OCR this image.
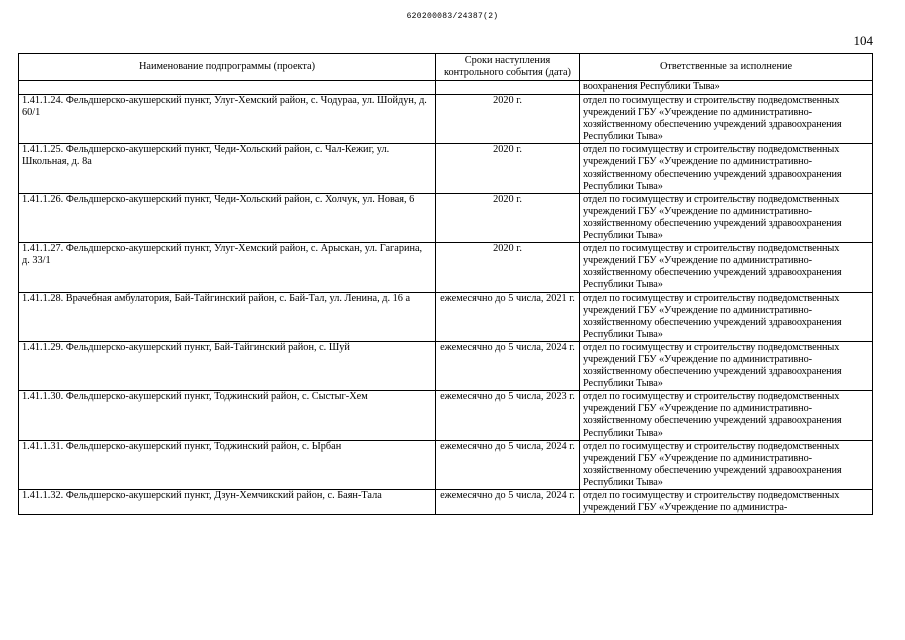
620200083/24387(2)
104
Наименование подпрограммы (проекта)	Сроки наступления контрольного события (дата)	Ответственные за исполнение
		воохранения Республики Тыва»
1.41.1.24. Фельдшерско-акушерский пункт, Улуг-Хемский район, с. Чодураа, ул. Шойдун, д. 60/1	2020 г.	отдел по госимуществу и строительству подведомственных учреждений ГБУ «Учреждение по административно-хозяйственному обеспечению учреждений здравоохранения Республики Тыва»
1.41.1.25. Фельдшерско-акушерский пункт, Чеди-Хольский район, с. Чал-Кежиг, ул. Школьная, д. 8а	2020 г.	отдел по госимуществу и строительству подведомственных учреждений ГБУ «Учреждение по административно-хозяйственному обеспечению учреждений здравоохранения Республики Тыва»
1.41.1.26. Фельдшерско-акушерский пункт, Чеди-Хольский район, с. Холчук, ул. Новая, 6	2020 г.	отдел по госимуществу и строительству подведомственных учреждений ГБУ «Учреждение по административно-хозяйственному обеспечению учреждений здравоохранения Республики Тыва»
1.41.1.27. Фельдшерско-акушерский пункт, Улуг-Хемский район, с. Арыскан, ул. Гагарина, д. 33/1	2020 г.	отдел по госимуществу и строительству подведомственных учреждений ГБУ «Учреждение по административно-хозяйственному обеспечению учреждений здравоохранения Республики Тыва»
1.41.1.28. Врачебная амбулатория, Бай-Тайгинский район, с. Бай-Тал, ул. Ленина, д. 16 а	ежемесячно до 5 числа, 2021 г.	отдел по госимуществу и строительству подведомственных учреждений ГБУ «Учреждение по административно-хозяйственному обеспечению учреждений здравоохранения Республики Тыва»
1.41.1.29. Фельдшерско-акушерский пункт, Бай-Тайгинский район, с. Шуй	ежемесячно до 5 числа, 2024 г.	отдел по госимуществу и строительству подведомственных учреждений ГБУ «Учреждение по административно-хозяйственному обеспечению учреждений здравоохранения Республики Тыва»
1.41.1.30. Фельдшерско-акушерский пункт, Тоджинский район, с. Сыстыг-Хем	ежемесячно до 5 числа, 2023 г.	отдел по госимуществу и строительству подведомственных учреждений ГБУ «Учреждение по административно-хозяйственному обеспечению учреждений здравоохранения Республики Тыва»
1.41.1.31. Фельдшерско-акушерский пункт, Тоджинский район, с. Ырбан	ежемесячно до 5 числа, 2024 г.	отдел по госимуществу и строительству подведомственных учреждений ГБУ «Учреждение по административно-хозяйственному обеспечению учреждений здравоохранения Республики Тыва»
1.41.1.32. Фельдшерско-акушерский пункт, Дзун-Хемчикский район, с. Баян-Тала	ежемесячно до 5 числа, 2024 г.	отдел по госимуществу и строительству подведомственных учреждений ГБУ «Учреждение по администра-
